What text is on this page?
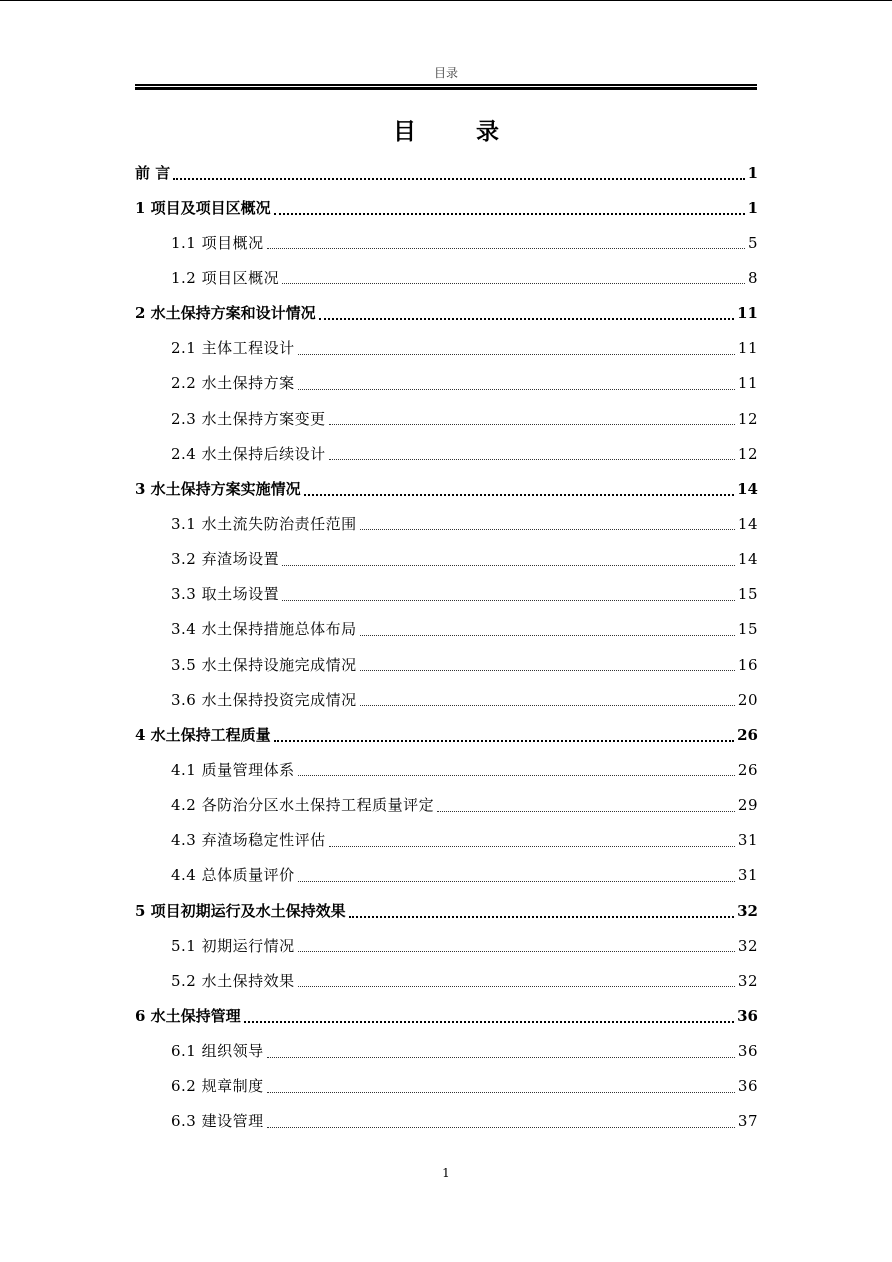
目录
目 录
前 言	1
1 项目及项目区概况	1
1.1 项目概况	5
1.2 项目区概况	8
2 水土保持方案和设计情况	11
2.1 主体工程设计	11
2.2 水土保持方案	11
2.3 水土保持方案变更	12
2.4 水土保持后续设计	12
3 水土保持方案实施情况	14
3.1 水土流失防治责任范围	14
3.2 弃渣场设置	14
3.3 取土场设置	15
3.4 水土保持措施总体布局	15
3.5 水土保持设施完成情况	16
3.6 水土保持投资完成情况	20
4 水土保持工程质量	26
4.1 质量管理体系	26
4.2 各防治分区水土保持工程质量评定	29
4.3 弃渣场稳定性评估	31
4.4 总体质量评价	31
5 项目初期运行及水土保持效果	32
5.1 初期运行情况	32
5.2 水土保持效果	32
6 水土保持管理	36
6.1 组织领导	36
6.2 规章制度	36
6.3 建设管理	37
1
